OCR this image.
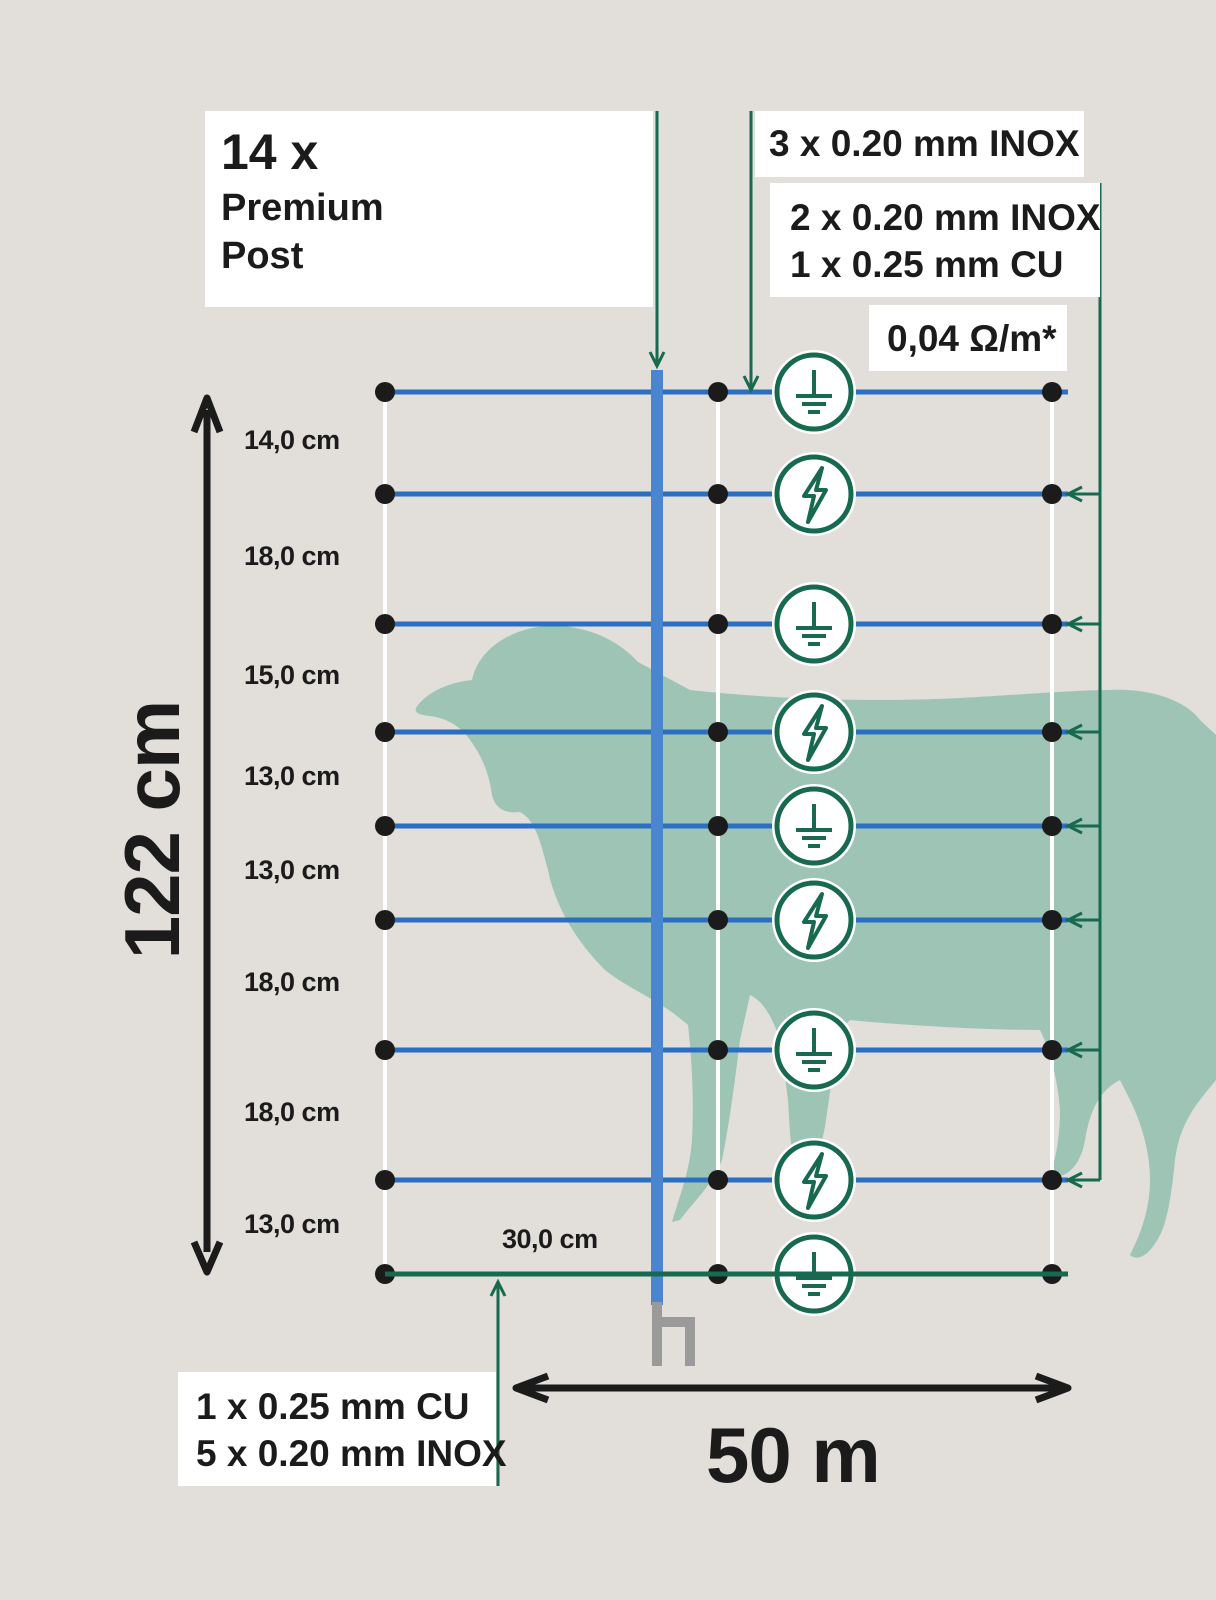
14 x
Premium
Post
3 x 0.20 mm INOX
2 x 0.20 mm INOX
1 x 0.25 mm CU
0,04 Ω/m*
1 x 0.25 mm CU
5 x 0.20 mm INOX
122 cm
50 m
30,0 cm
14,0 cm
18,0 cm
15,0 cm
13,0 cm
13,0 cm
18,0 cm
18,0 cm
13,0 cm
